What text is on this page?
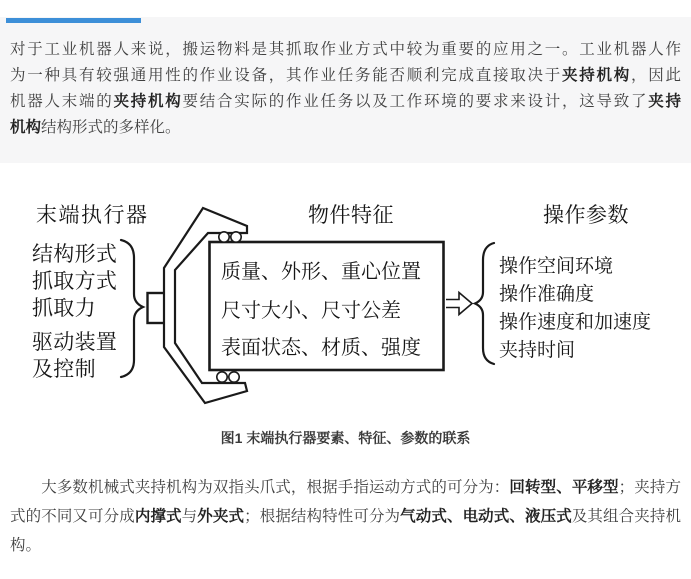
对于工业机器人来说，搬运物料是其抓取作业方式中较为重要的应用之一。工业机器人作
为一种具有较强通用性的作业设备，其作业任务能否顺利完成直接取决于夹持机构，因此
机器人末端的夹持机构要结合实际的作业任务以及工作环境的要求来设计，这导致了夹持
机构结构形式的多样化。
末端执行器	物件特征	操作参数
结构形式
抓取方式
抓取力
驱动装置
及控制
质量、外形、重心位置
尺寸大小、尺寸公差
表面状态、材质、强度
操作空间环境
操作准确度
操作速度和加速度
夹持时间
图1 末端执行器要素、特征、参数的联系
　　大多数机械式夹持机构为双指头爪式，根据手指运动方式的可分为：回转型、平移型；夹持方
式的不同又可分成内撑式与外夹式；根据结构特性可分为气动式、电动式、液压式及其组合夹持机
构。
